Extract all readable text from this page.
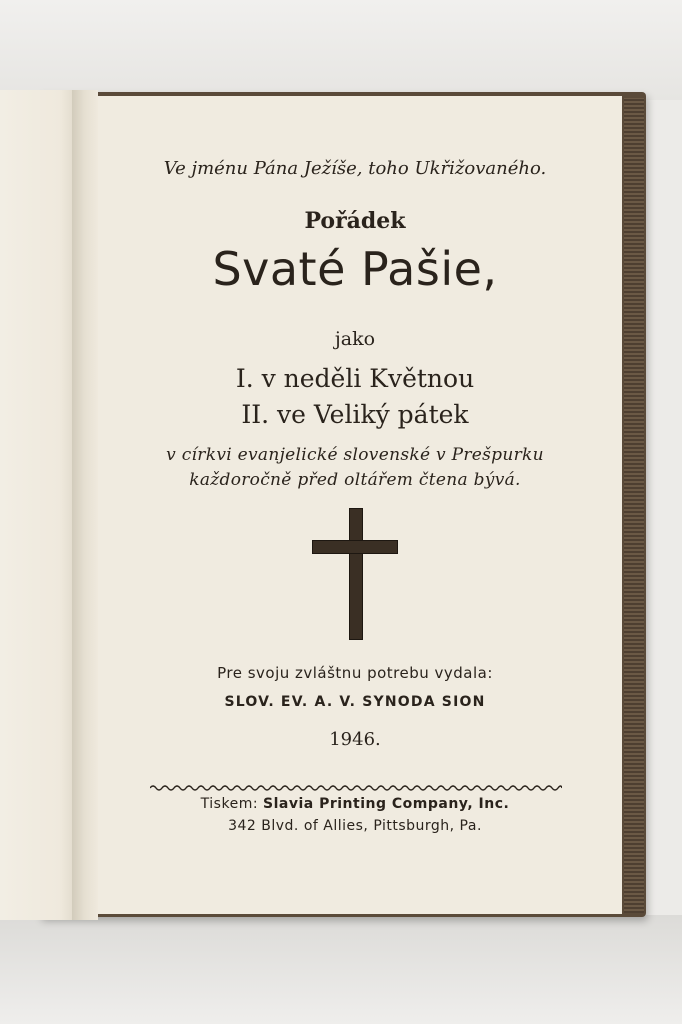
Ve jménu Pána Ježíše, toho Ukřižovaného.
Pořádek
Svaté Pašie,
jako
I. v neděli Květnou
II. ve Veliký pátek
v církvi evanjelické slovenské v Prešpurku
každoročně před oltářem čtena bývá.
Pre svoju zvláštnu potrebu vydala:
SLOV. EV. A. V. SYNODA SION
1946.
Tiskem: Slavia Printing Company, Inc.
342 Blvd. of Allies, Pittsburgh, Pa.
